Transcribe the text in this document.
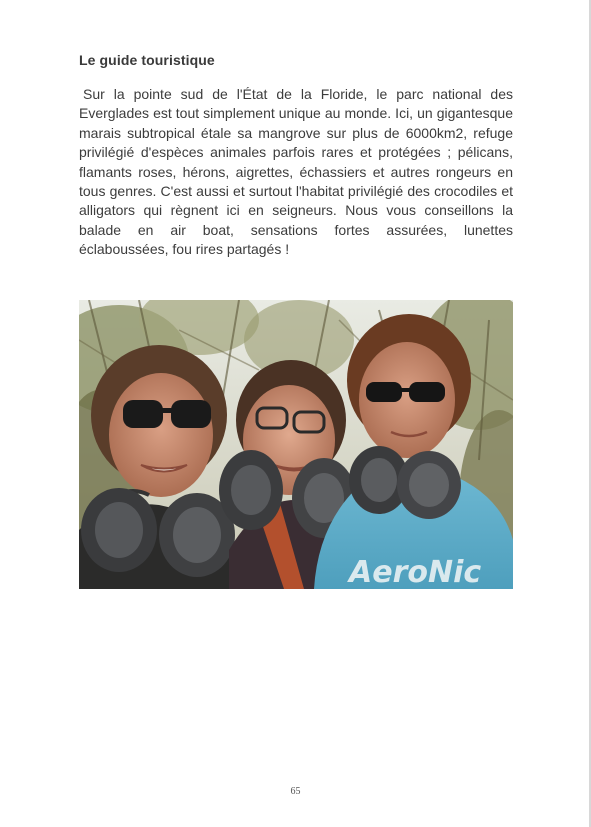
Le guide touristique
Sur la pointe sud de l'État de la Floride, le parc national des Everglades est tout simplement unique au monde. Ici, un gigantesque marais subtropical étale sa mangrove sur plus de 6000km2, refuge privilégié d'espèces animales parfois rares et protégées ; pélicans, flamants roses, hérons, aigrettes, échassiers et autres rongeurs en tous genres. C'est aussi et surtout l'habitat privilégié des crocodiles et alligators qui règnent ici en seigneurs. Nous vous conseillons la balade en air boat, sensations fortes assurées, lunettes éclaboussées, fou rires partagés !
AeroNic
65
